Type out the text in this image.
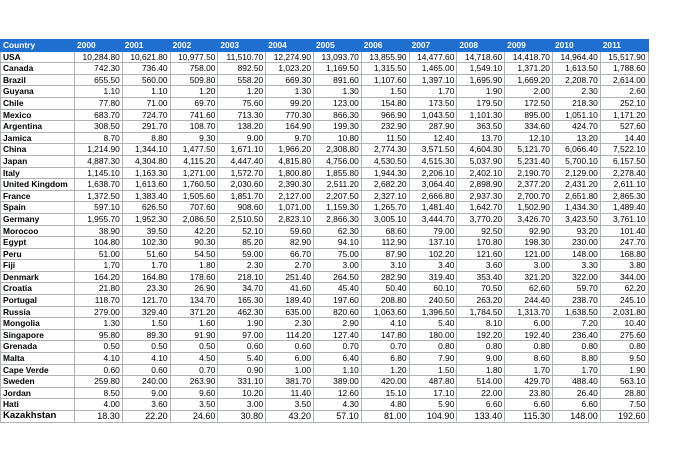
Country	2000	2001	2002	2003	2004	2005	2006	2007	2008	2009	2010	2011
USA	10,284.80	10,621.80	10,977.50	11,510.70	12,274.90	13,093.70	13,855.90	14,477.60	14,718.60	14,418.70	14,964.40	15,517.90
Canada	742.30	736.40	758.00	892.50	1,023.20	1,169.50	1,315.50	1,465.00	1,549.10	1,371.20	1,613.50	1,788.60
Brazil	655.50	560.00	509.80	558.20	669.30	891.60	1,107.60	1,397.10	1,695.90	1,669.20	2,208.70	2,614.00
Guyana	1.10	1.10	1.20	1.20	1.30	1.30	1.50	1.70	1.90	2.00	2.30	2.60
Chile	77.80	71.00	69.70	75.60	99.20	123.00	154.80	173.50	179.50	172.50	218.30	252.10
Mexico	683.70	724.70	741.60	713.30	770.30	866.30	966.90	1,043.50	1,101.30	895.00	1,051.10	1,171.20
Argentina	308.50	291.70	108.70	138.20	164.90	199.30	232.90	287.90	363.50	334.60	424.70	527.60
Jamica	8.70	8.80	9.30	9.00	9.70	10.80	11.50	12.40	13.70	12.10	13.20	14.40
China	1,214.90	1,344.10	1,477.50	1,671.10	1,966.20	2,308.80	2,774.30	3,571.50	4,604.30	5,121.70	6,066.40	7,522.10
Japan	4,887.30	4,304.80	4,115.20	4,447.40	4,815.80	4,756.00	4,530.50	4,515.30	5,037.90	5,231.40	5,700.10	6,157.50
Italy	1,145.10	1,163.30	1,271.00	1,572.70	1,800.80	1,855.80	1,944.30	2,206.10	2,402.10	2,190.70	2,129.00	2,278.40
United Kingdom	1,638.70	1,613.60	1,760.50	2,030.60	2,390.30	2,511.20	2,682.20	3,064.40	2,898.90	2,377.20	2,431.20	2,611.10
France	1,372.50	1,383.40	1,505.60	1,851.70	2,127.00	2,207.50	2,327.10	2,666.80	2,937.30	2,700.70	2,651.80	2,865.30
Spain	597.10	626.50	707.60	908.60	1,071.00	1,159.30	1,265.70	1,481.40	1,642.70	1,502.90	1,434.30	1,489.40
Germany	1,955.70	1,952.30	2,086.50	2,510.50	2,823.10	2,866.30	3,005.10	3,444.70	3,770.20	3,426.70	3,423.50	3,761.10
Morocoo	38.90	39.50	42.20	52.10	59.60	62.30	68.60	79.00	92.50	92.90	93.20	101.40
Egypt	104.80	102.30	90.30	85.20	82.90	94.10	112.90	137.10	170.80	198.30	230.00	247.70
Peru	51.00	51.60	54.50	59.00	66.70	75.00	87.90	102.20	121.60	121.00	148.00	168.80
Fiji	1.70	1.70	1.80	2.30	2.70	3.00	3.10	3.40	3.60	3.00	3.30	3.80
Denmark	164.20	164.80	178.60	218.10	251.40	264.50	282.90	319.40	353.40	321.20	322.00	344.00
Croatia	21.80	23.30	26.90	34.70	41.60	45.40	50.40	60.10	70.50	62.60	59.70	62.20
Portugal	118.70	121.70	134.70	165.30	189.40	197.60	208.80	240.50	263.20	244.40	238.70	245.10
Russia	279.00	329.40	371.20	462.30	635.00	820.60	1,063.60	1,396.50	1,784.50	1,313.70	1,638.50	2,031.80
Mongolia	1.30	1.50	1.60	1.90	2.30	2.90	4.10	5.40	8.10	6.00	7.20	10.40
Singapore	95.80	89.30	91.90	97.00	114.20	127.40	147.80	180.00	192.20	192.40	236.40	275.60
Grenada	0.50	0.50	0.50	0.60	0.60	0.70	0.70	0.80	0.80	0.80	0.80	0.80
Malta	4.10	4.10	4.50	5.40	6.00	6.40	6.80	7.90	9.00	8.60	8.80	9.50
Cape Verde	0.60	0.60	0.70	0.90	1.00	1.10	1.20	1.50	1.80	1.70	1.70	1.90
Sweden	259.80	240.00	263.90	331.10	381.70	389.00	420.00	487.80	514.00	429.70	488.40	563.10
Jordan	8.50	9.00	9.60	10.20	11.40	12.60	15.10	17.10	22.00	23.80	26.40	28.80
Hati	4.00	3.60	3.50	3.00	3.50	4.30	4.80	5.90	6.60	6.60	6.60	7.50
Kazakhstan	18.30	22.20	24.60	30.80	43.20	57.10	81.00	104.90	133.40	115.30	148.00	192.60
